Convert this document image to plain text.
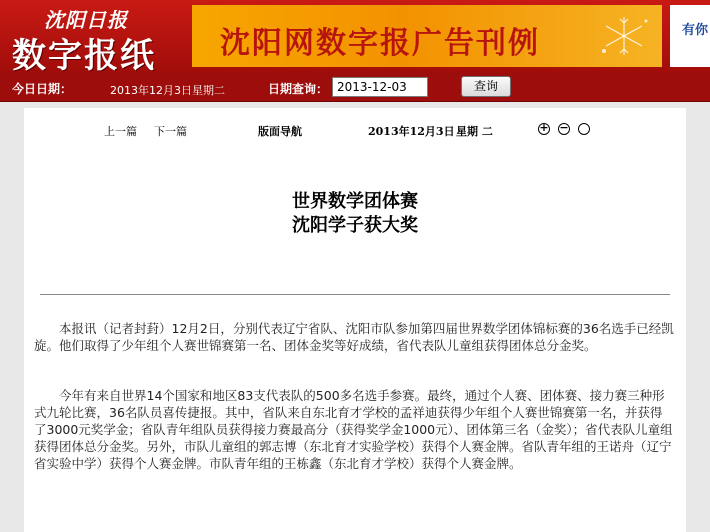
沈阳日报
数字报纸 沈阳网数字报广告刊例	有你
今日日期：	2013年12月3日星期二	日期查询： 2013-12-03	查询
上一篇 下一篇	版面导航	2013年12月3日 星期 二	+ −
世界数学团体赛
沈阳学子获大奖

本报讯（记者封葑）12月2日，分别代表辽宁省队、沈阳市队参加第四届世界数学团体锦标赛的36名选手已经凯旋。他们取得了少年组个人赛世锦赛第一名、团体金奖等好成绩，省代表队儿童组获得团体总分金奖。

今年有来自世界14个国家和地区83支代表队的500多名选手参赛。最终，通过个人赛、团体赛、接力赛三种形式九轮比赛，36名队员喜传捷报。其中，省队来自东北育才学校的孟祥迪获得少年组个人赛世锦赛第一名，并获得了3000元奖学金；省队青年组队员获得接力赛最高分（获得奖学金1000元）、团体第三名（金奖）；省代表队儿童组获得团体总分金奖。另外，市队儿童组的郭志博（东北育才实验学校）获得个人赛金牌。省队青年组的王诺舟（辽宁省实验中学）获得个人赛金牌。市队青年组的王栋鑫（东北育才学校）获得个人赛金牌。
